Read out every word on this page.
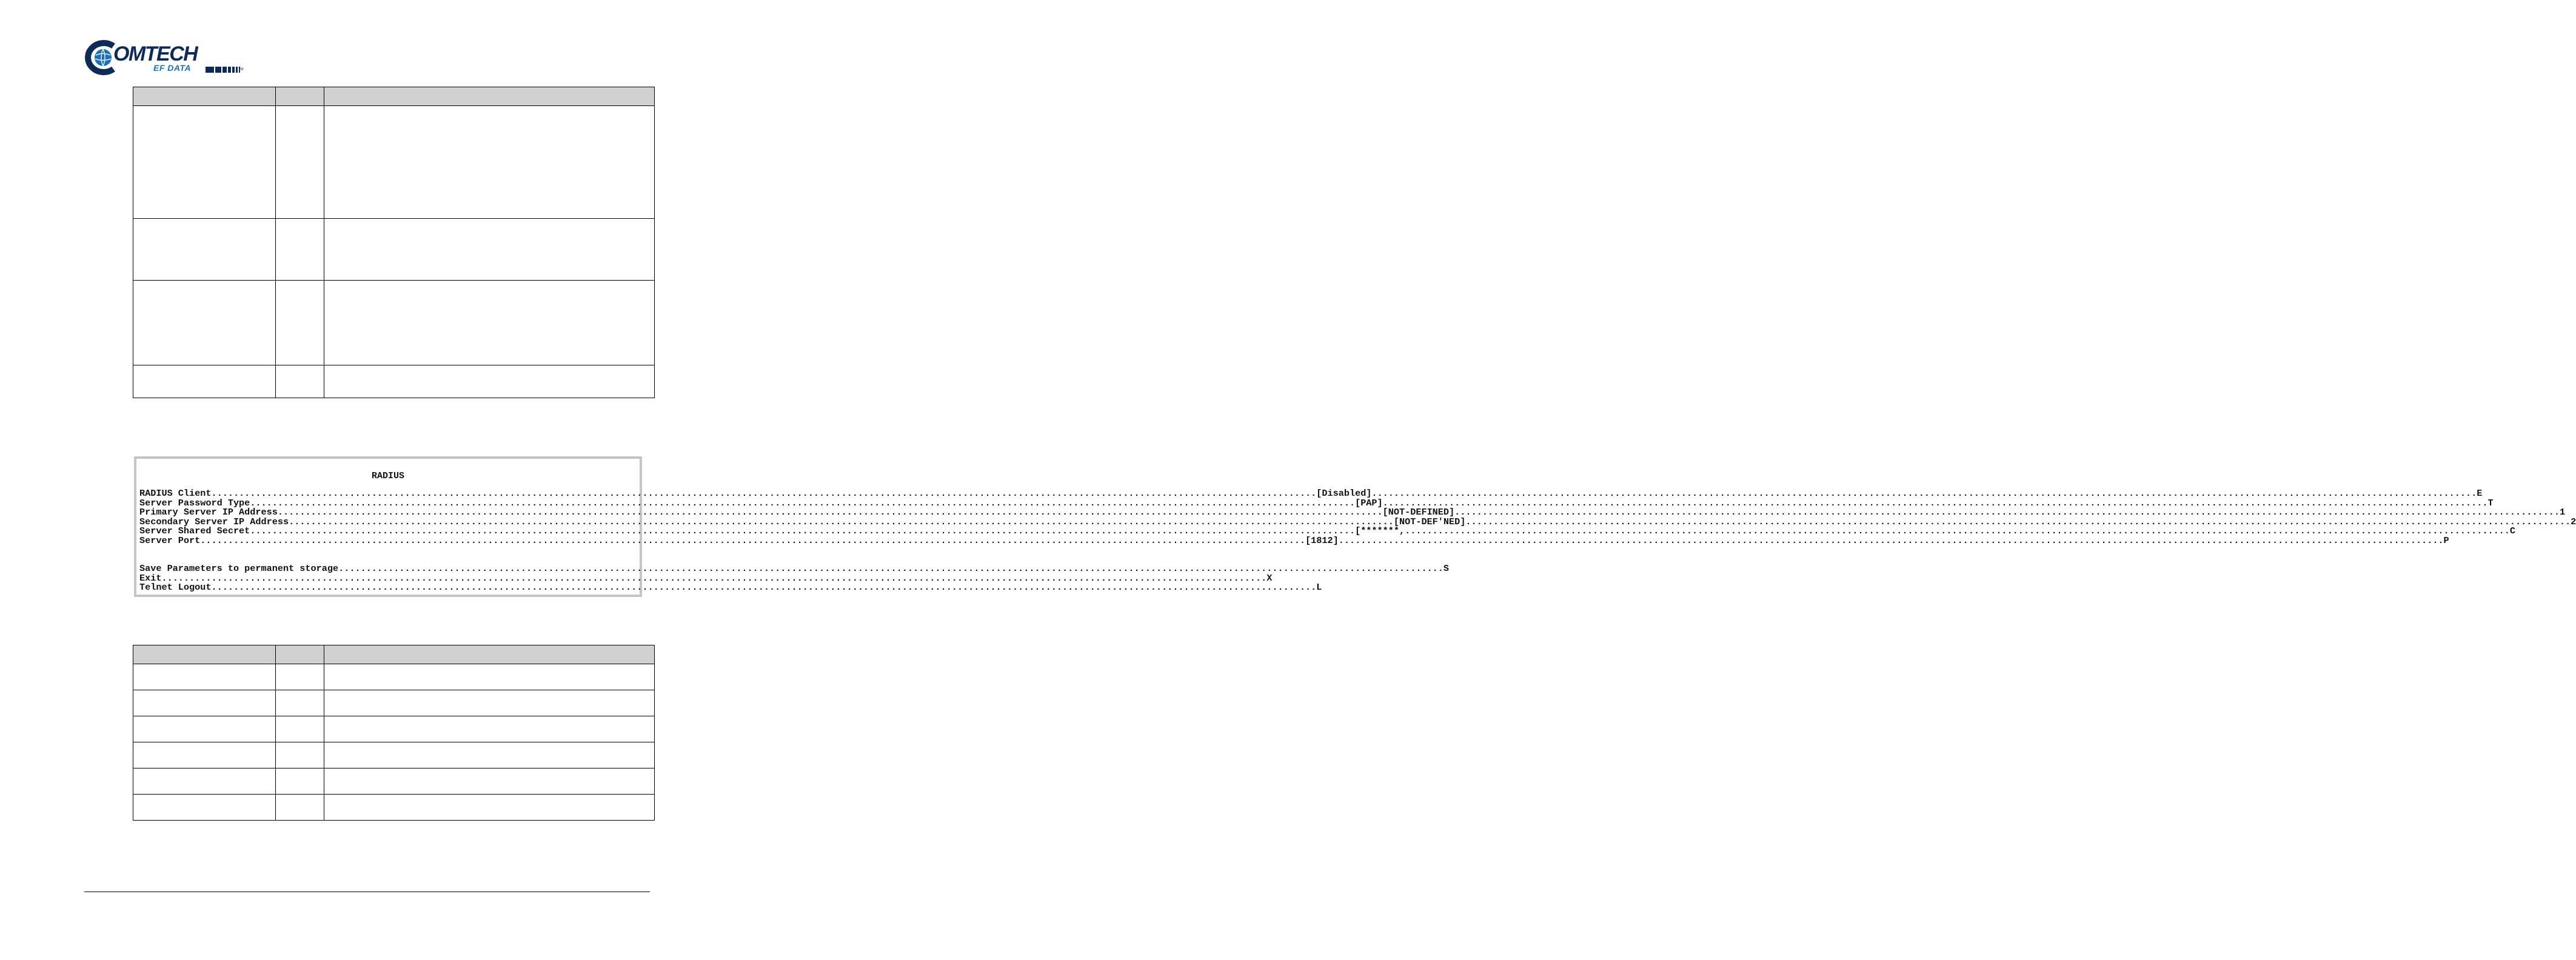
OMTECH
EF DATA	TM

RADIUS
RADIUS Client ........................................................................................................................................................................................................ [Disabled] ........................................................................................................................................................................................................ E
Server Password Type ........................................................................................................................................................................................................ [PAP] ........................................................................................................................................................................................................ T
Primary Server IP Address ........................................................................................................................................................................................................ [NOT-DEFINED] ........................................................................................................................................................................................................ 1
Secondary Server IP Address ........................................................................................................................................................................................................ [NOT-DEF'NED] ........................................................................................................................................................................................................ 2
Server Shared Secret ........................................................................................................................................................................................................ [*******, ........................................................................................................................................................................................................ C
Server Port ........................................................................................................................................................................................................ [1812] ........................................................................................................................................................................................................ P
Save Parameters to permanent storage ........................................................................................................................................................................................................ S
Exit ........................................................................................................................................................................................................ X
Telnet Logout ........................................................................................................................................................................................................ L
